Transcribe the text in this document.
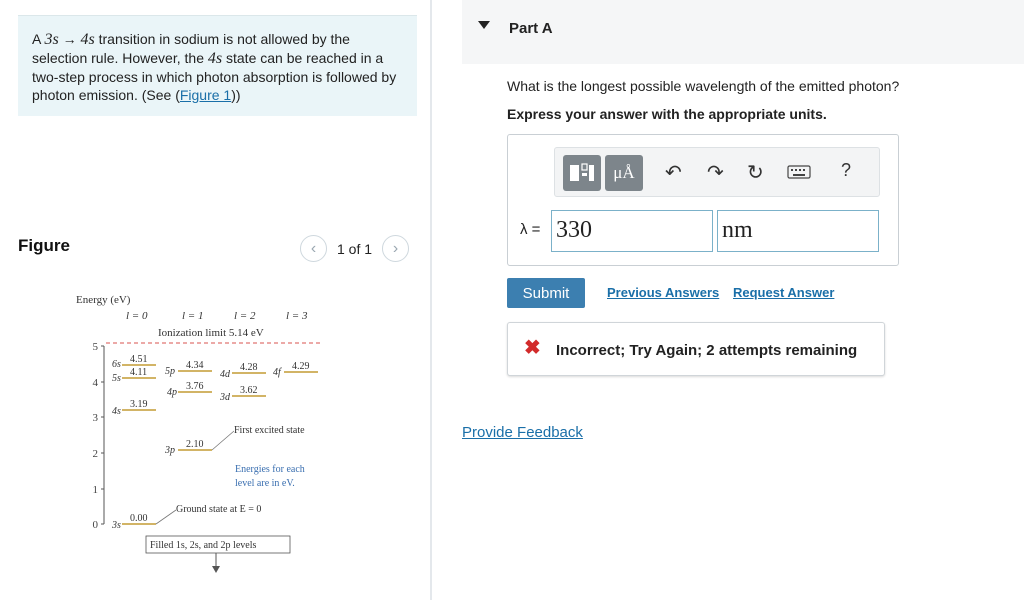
A 3s → 4s transition in sodium is not allowed by the selection rule. However, the 4s state can be reached in a two-step process in which photon absorption is followed by photon emission. (See (Figure 1))
Figure	‹ 1 of 1 ›
5
4
3
2
1
0
Energy (eV)
l = 0	l = 1	l = 2	l = 3
Ionization limit 5.14 eV
6s
5s
4s
3s
5p
4p
3p
4d
3d
4f
4.51
4.11
3.19
0.00
4.34
3.76
2.10
4.28
3.62
4.29
First excited state
Energies for each
level are in eV.
Ground state at E = 0
Filled 1s, 2s, and 2p levels
Part A
What is the longest possible wavelength of the emitted photon?
Express your answer with the appropriate units.
μÅ ↶ ↷ ↻	?
λ = 330	nm
Submit	Previous Answers Request Answer
✖ Incorrect; Try Again; 2 attempts remaining
Provide Feedback
